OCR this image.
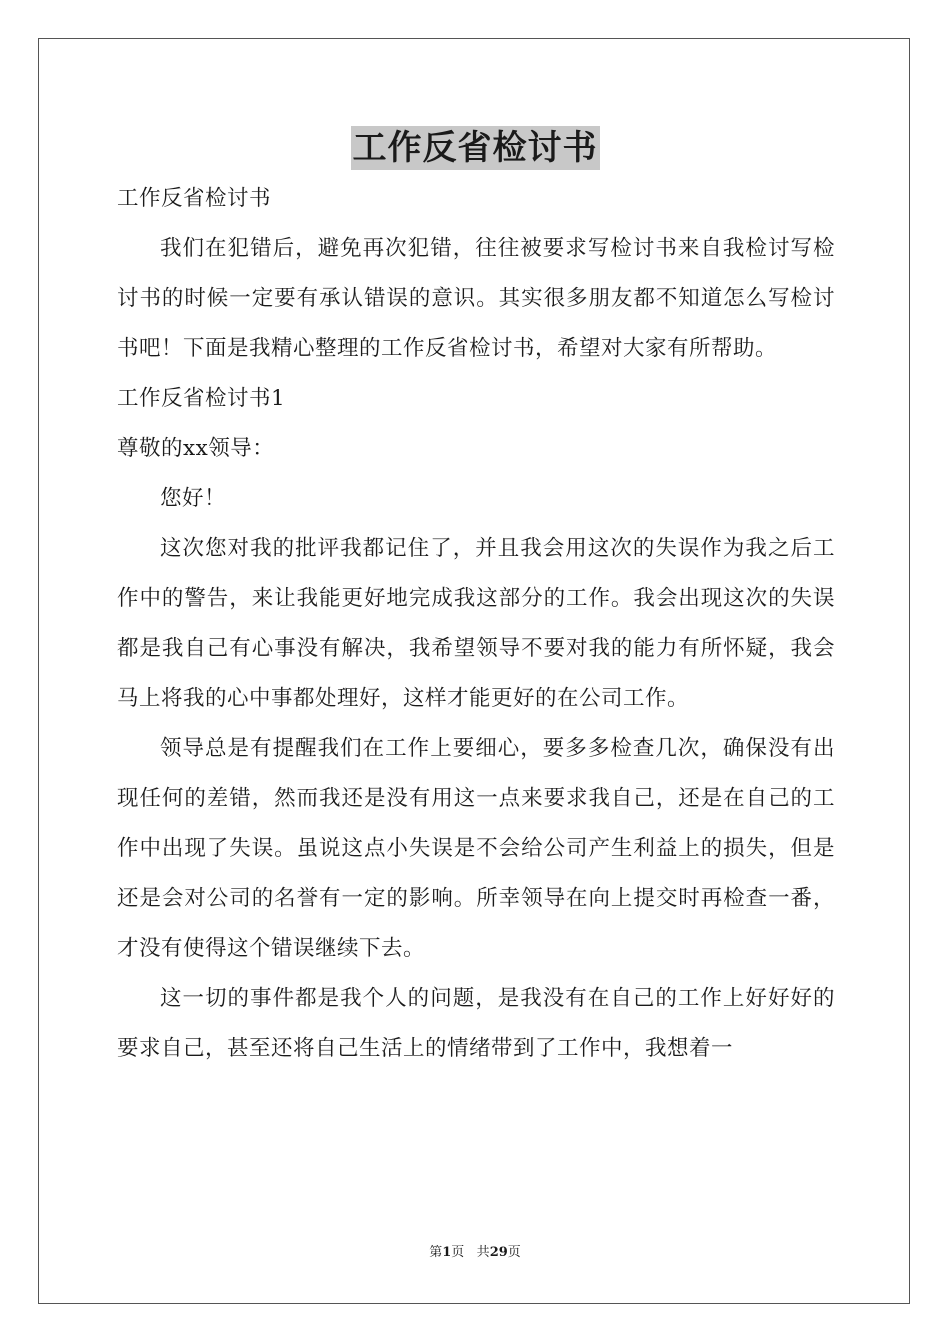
工作反省检讨书

工作反省检讨书

我们在犯错后，避免再次犯错，往往被要求写检讨书来自我检讨写检讨书的时候一定要有承认错误的意识。其实很多朋友都不知道怎么写检讨书吧！下面是我精心整理的工作反省检讨书，希望对大家有所帮助。

工作反省检讨书1

尊敬的xx领导：

您好！

这次您对我的批评我都记住了，并且我会用这次的失误作为我之后工作中的警告，来让我能更好地完成我这部分的工作。我会出现这次的失误都是我自己有心事没有解决，我希望领导不要对我的能力有所怀疑，我会马上将我的心中事都处理好，这样才能更好的在公司工作。

领导总是有提醒我们在工作上要细心，要多多检查几次，确保没有出现任何的差错，然而我还是没有用这一点来要求我自己，还是在自己的工作中出现了失误。虽说这点小失误是不会给公司产生利益上的损失，但是还是会对公司的名誉有一定的影响。所幸领导在向上提交时再检查一番，才没有使得这个错误继续下去。

这一切的事件都是我个人的问题，是我没有在自己的工作上好好好的要求自己，甚至还将自己生活上的情绪带到了工作中，我想着一

第1页 共29页
